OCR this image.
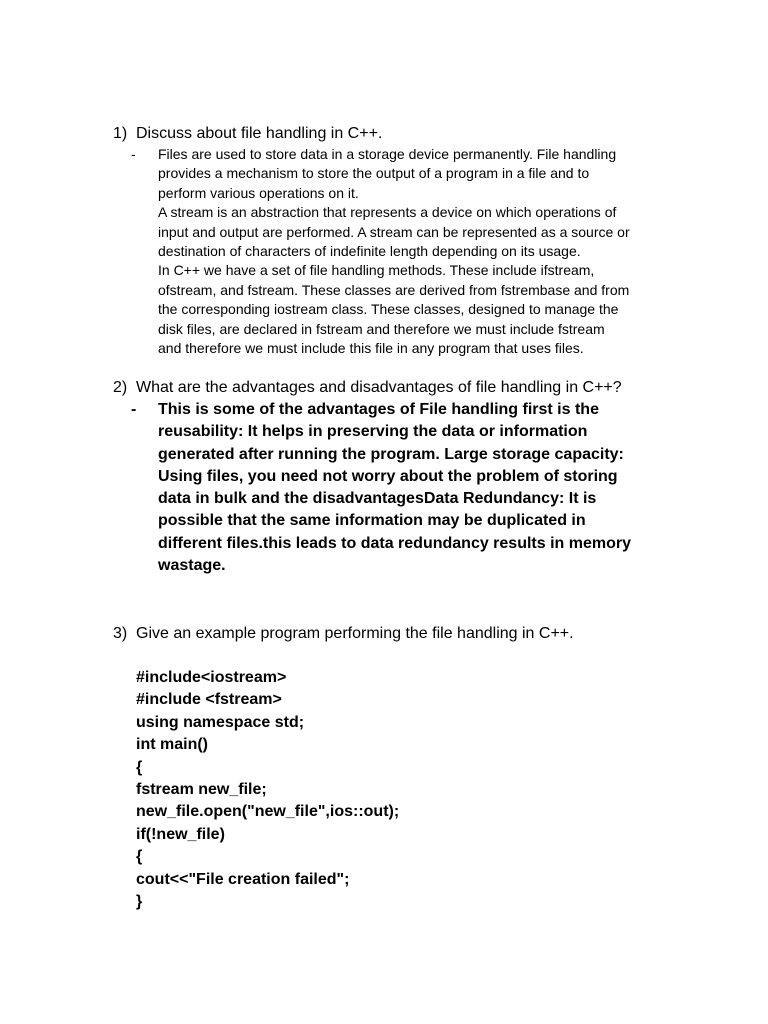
1) Discuss about file handling in C++.
-	Files are used to store data in a storage device permanently. File handling provides a mechanism to store the output of a program in a file and to perform various operations on it.

A stream is an abstraction that represents a device on which operations of input and output are performed. A stream can be represented as a source or destination of characters of indefinite length depending on its usage.

In C++ we have a set of file handling methods. These include ifstream, ofstream, and fstream. These classes are derived from fstrembase and from the corresponding iostream class. These classes, designed to manage the disk files, are declared in fstream and therefore we must include fstream and therefore we must include this file in any program that uses files.

2) What are the advantages and disadvantages of file handling in C++?
-	This is some of the advantages of File handling first is the reusability: It helps in preserving the data or information generated after running the program. Large storage capacity: Using files, you need not worry about the problem of storing data in bulk and the disadvantagesData Redundancy: It is possible that the same information may be duplicated in different files.this leads to data redundancy results in memory wastage.
3) Give an example program performing the file handling in C++.
#include<iostream>
#include <fstream>
using namespace std;
int main()
{
fstream new_file;
new_file.open("new_file",ios::out);
if(!new_file)
{
cout<<"File creation failed";
}
